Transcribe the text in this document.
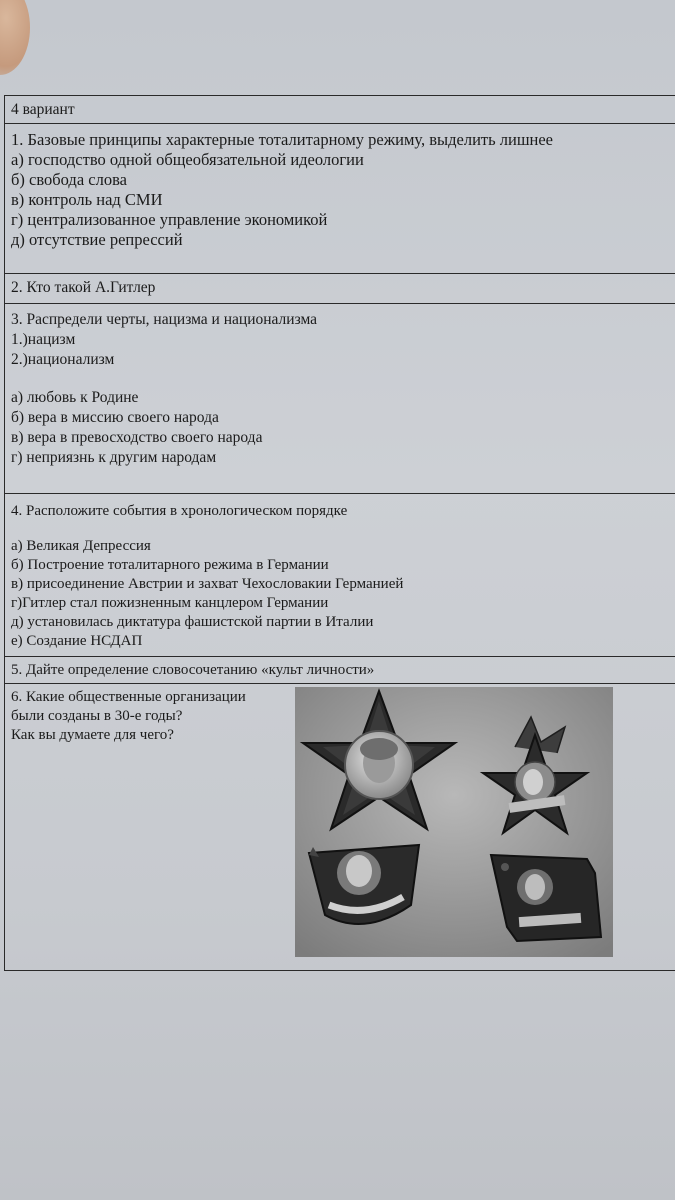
4 вариант
1. Базовые принципы характерные тоталитарному режиму, выделить лишнее
а) господство одной общеобязательной идеологии
б) свобода слова
в) контроль над СМИ
г) централизованное управление экономикой
д) отсутствие репрессий
2. Кто такой А.Гитлер
3. Распредели черты, нацизма и национализма
1.)нацизм
2.)национализм
а) любовь к Родине
б) вера в миссию своего народа
в) вера в превосходство своего народа
г) неприязнь к другим народам
4. Расположите события в хронологическом порядке
а) Великая Депрессия
б) Построение тоталитарного режима в Германии
в) присоединение Австрии и захват Чехословакии Германией
г)Гитлер стал пожизненным канцлером Германии
д) установилась диктатура фашистской партии в Италии
е) Создание НСДАП
5. Дайте определение словосочетанию «культ личности»
6. Какие общественные организации
были созданы в 30-е годы?
Как вы думаете для чего?
